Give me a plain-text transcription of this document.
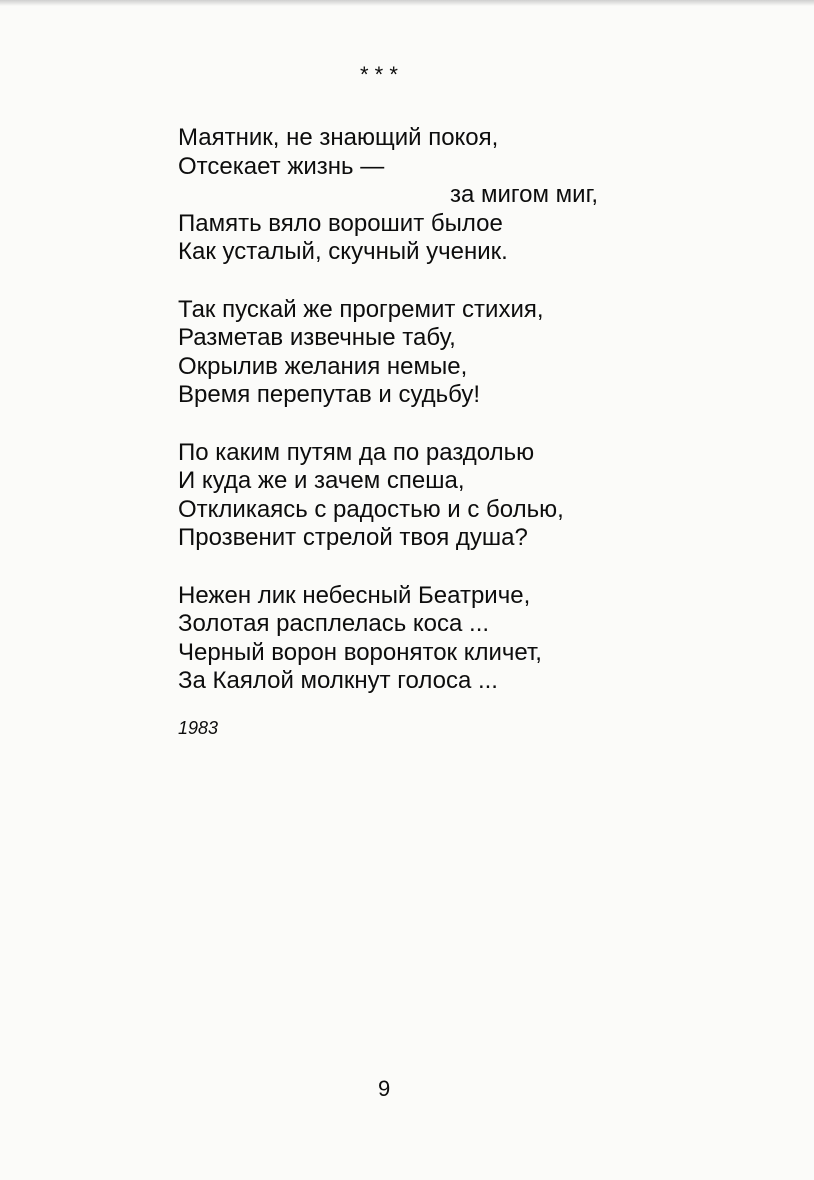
* * *
Маятник, не знающий покоя,
Отсекает жизнь —
за мигом миг,
Память вяло ворошит былое
Как усталый, скучный ученик.
Так пускай же прогремит стихия,
Разметав извечные табу,
Окрылив желания немые,
Время перепутав и судьбу!
По каким путям да по раздолью
И куда же и зачем спеша,
Откликаясь с радостью и с болью,
Прозвенит стрелой твоя душа?
Нежен лик небесный Беатриче,
Золотая расплелась коса ...
Черный ворон вороняток кличет,
За Каялой молкнут голоса ...
1983
9
